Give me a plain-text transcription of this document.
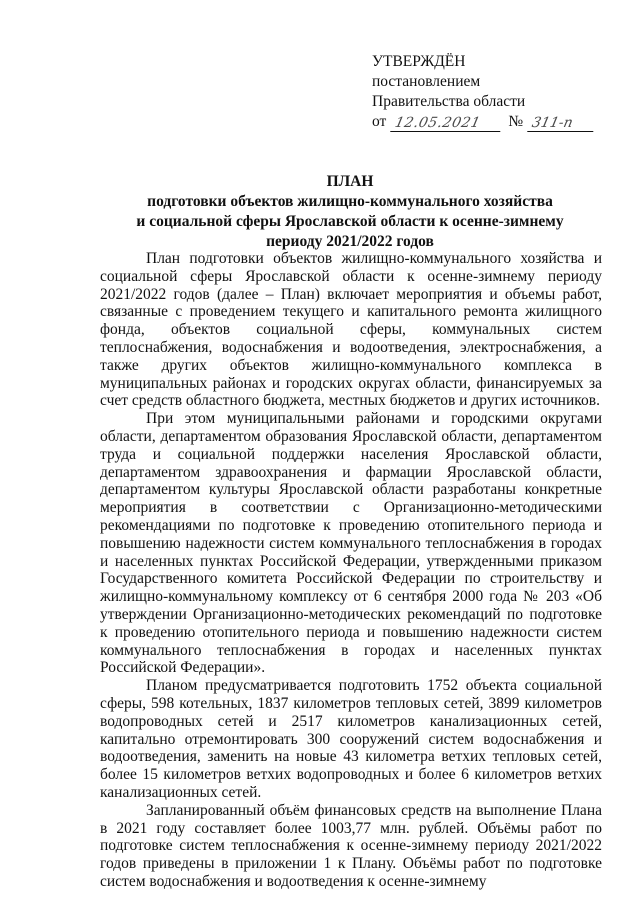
УТВЕРЖДЁН
постановлением
Правительства области
от 12.05.2021	№ 311-п
ПЛАН
подготовки объектов жилищно-коммунального хозяйства
и социальной сферы Ярославской области к осенне-зимнему
периоду 2021/2022 годов

План подготовки объектов жилищно-коммунального хозяйства и социальной сферы Ярославской области к осенне-зимнему периоду 2021/2022 годов (далее – План) включает мероприятия и объемы работ, связанные с проведением текущего и капитального ремонта жилищного фонда, объектов социальной сферы, коммунальных систем теплоснабжения, водоснабжения и водоотведения, электроснабжения, а также других объектов жилищно-коммунального комплекса в муниципальных районах и городских округах области, финансируемых за счет средств областного бюджета, местных бюджетов и других источников.

При этом муниципальными районами и городскими округами области, департаментом образования Ярославской области, департаментом труда и социальной поддержки населения Ярославской области, департаментом здравоохранения и фармации Ярославской области, департаментом культуры Ярославской области разработаны конкретные мероприятия в соответствии с Организационно-методическими рекомендациями по подготовке к проведению отопительного периода и повышению надежности систем коммунального теплоснабжения в городах и населенных пунктах Российской Федерации, утвержденными приказом Государственного комитета Российской Федерации по строительству и жилищно-коммунальному комплексу от 6 сентября 2000 года № 203 «Об утверждении Организационно-методических рекомендаций по подготовке к проведению отопительного периода и повышению надежности систем коммунального теплоснабжения в городах и населенных пунктах Российской Федерации».

Планом предусматривается подготовить 1752 объекта социальной сферы, 598 котельных, 1837 километров тепловых сетей, 3899 километров водопроводных сетей и 2517 километров канализационных сетей, капитально отремонтировать 300 сооружений систем водоснабжения и водоотведения, заменить на новые 43 километра ветхих тепловых сетей, более 15 километров ветхих водопроводных и более 6 километров ветхих канализационных сетей.

Запланированный объём финансовых средств на выполнение Плана в 2021 году составляет более 1003,77 млн. рублей. Объёмы работ по подготовке систем теплоснабжения к осенне-зимнему периоду 2021/2022 годов приведены в приложении 1 к Плану. Объёмы работ по подготовке систем водоснабжения и водоотведения к осенне-зимнему
